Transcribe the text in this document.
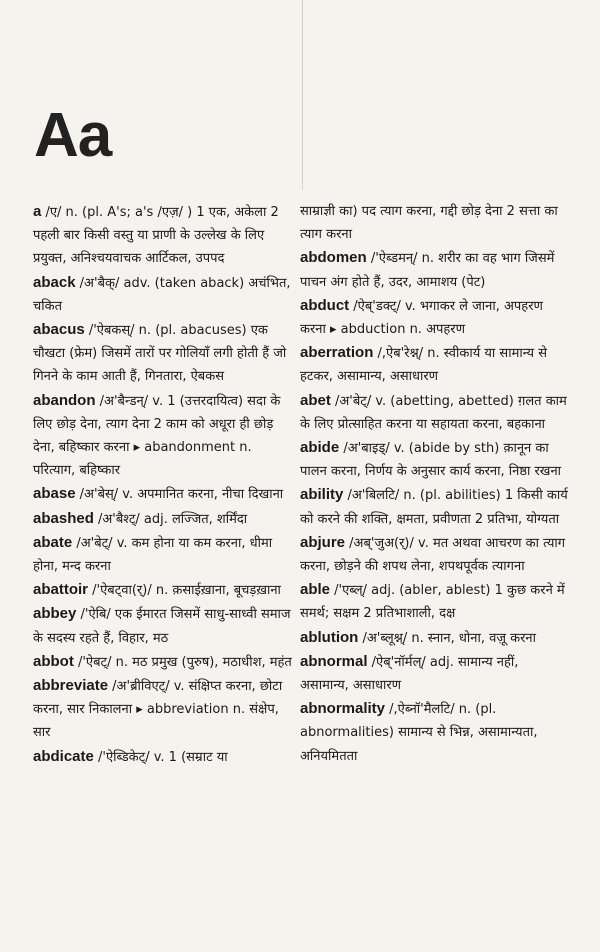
Aa

a /ए/ n. (pl. A's; a's /एज़/ ) 1 एक, अकेला 2 पहली बार किसी वस्तु या प्राणी के उल्लेख के लिए प्रयुक्त, अनिश्चयवाचक आर्टिकल, उपपद

aback /अ'बैक्/ adv. (taken aback) अचंभित, चकित

abacus /'ऐबकस्/ n. (pl. abacuses) एक चौखटा (फ्रेम) जिसमें तारों पर गोलियाँ लगी होती हैं जो गिनने के काम आती हैं, गिनतारा, ऐबकस

abandon /अ'बैन्डन्/ v. 1 (उत्तरदायित्व) सदा के लिए छोड़ देना, त्याग देना 2 काम को अधूरा ही छोड़ देना, बहिष्कार करना ▸ abandonment n. परित्याग, बहिष्कार

abase /अ'बेस्/ v. अपमानित करना, नीचा दिखाना

abashed /अ'बैश्ट्/ adj. लज्जित, शर्मिंदा

abate /अ'बेट्/ v. कम होना या कम करना, धीमा होना, मन्द करना

abattoir /'ऐबट्वा(र्)/ n. क़साईख़ाना, बूचड़ख़ाना

abbey /'ऐबि/ एक ईमारत जिसमें साधु-साध्वी समाज के सदस्य रहते हैं, विहार, मठ

abbot /'ऐबट्/ n. मठ प्रमुख (पुरुष), मठाधीश, महंत

abbreviate /अ'ब्रीविएट्/ v. संक्षिप्त करना, छोटा करना, सार निकालना ▸ abbreviation n. संक्षेप, सार

abdicate /'ऐब्डिकेट्/ v. 1 (सम्राट या

साम्राज्ञी का) पद त्याग करना, गद्दी छोड़ देना 2 सत्ता का त्याग करना

abdomen /'ऐब्डमन्/ n. शरीर का वह भाग जिसमें पाचन अंग होते हैं, उदर, आमाशय (पेट)

abduct /ऐब्'डक्ट्/ v. भगाकर ले जाना, अपहरण करना ▸ abduction n. अपहरण

aberration /,ऐब'रेश्न्/ n. स्वीकार्य या सामान्य से हटकर, असामान्य, असाधारण

abet /अ'बेट्/ v. (abetting, abetted) ग़लत काम के लिए प्रोत्साहित करना या सहायता करना, बहकाना

abide /अ'बाइड्/ v. (abide by sth) क़ानून का पालन करना, निर्णय के अनुसार कार्य करना, निष्ठा रखना

ability /अ'बिलटि/ n. (pl. abilities) 1 किसी कार्य को करने की शक्ति, क्षमता, प्रवीणता 2 प्रतिभा, योग्यता

abjure /अब्'जुअ(र्)/ v. मत अथवा आचरण का त्याग करना, छोड़ने की शपथ लेना, शपथपूर्वक त्यागना

able /'एब्ल्/ adj. (abler, ablest) 1 कुछ करने में समर्थ; सक्षम 2 प्रतिभाशाली, दक्ष

ablution /अ'ब्लूश्न्/ n. स्नान, धोना, वज़ू करना

abnormal /ऐब्'नॉर्मल्/ adj. सामान्य नहीं, असामान्य, असाधारण

abnormality /,ऐब्नॉ'मैलटि/ n. (pl. abnormalities) सामान्य से भिन्न, असामान्यता, अनियमितता
